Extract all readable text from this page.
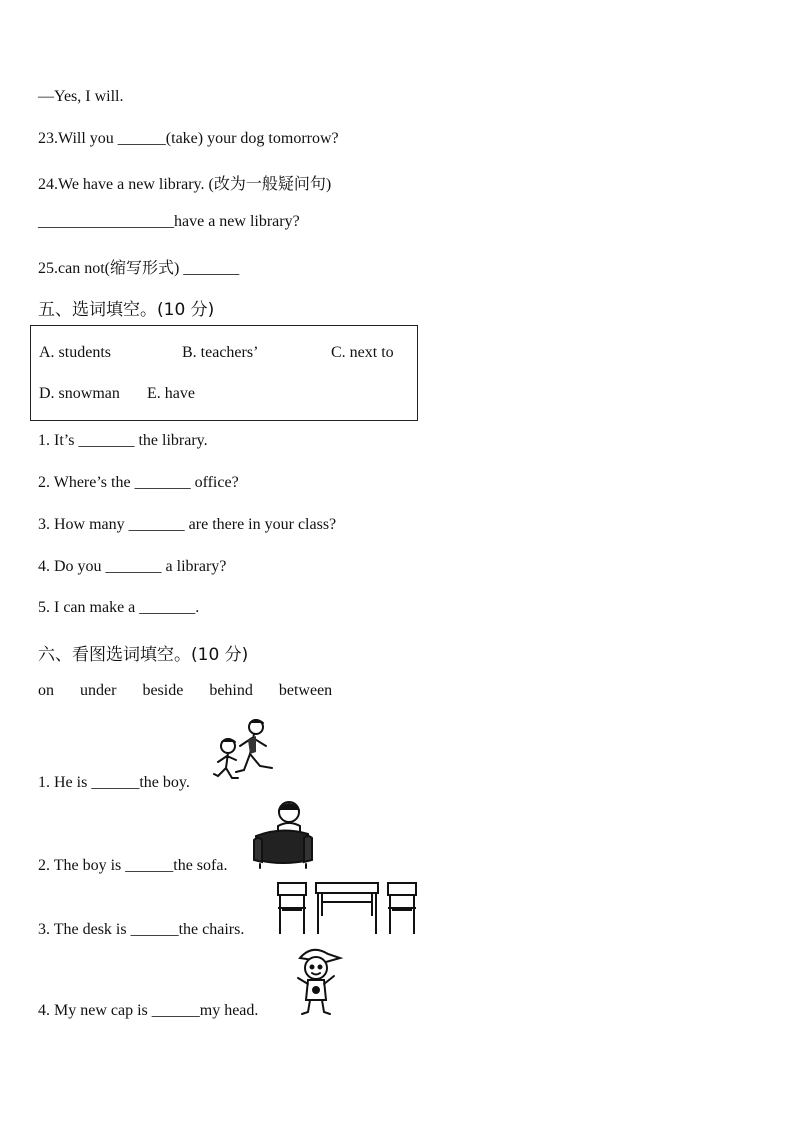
—Yes, I will.
23.Will you ______(take) your dog tomorrow?
24.We have a new library. (改为一般疑问句)
_________________have a new library?
25.can not(缩写形式) _______
五、选词填空。(10 分)
A. students	B. teachers’	C. next to
D. snowman E. have
1. It’s _______ the library.
2. Where’s the _______ office?
3. How many _______ are there in your class?
4. Do you _______ a library?
5. I can make a _______.
六、看图选词填空。(10 分)
on under beside behind between
1. He is ______the boy.
2. The boy is ______the sofa.
3. The desk is ______the chairs.
4. My new cap is ______my head.
